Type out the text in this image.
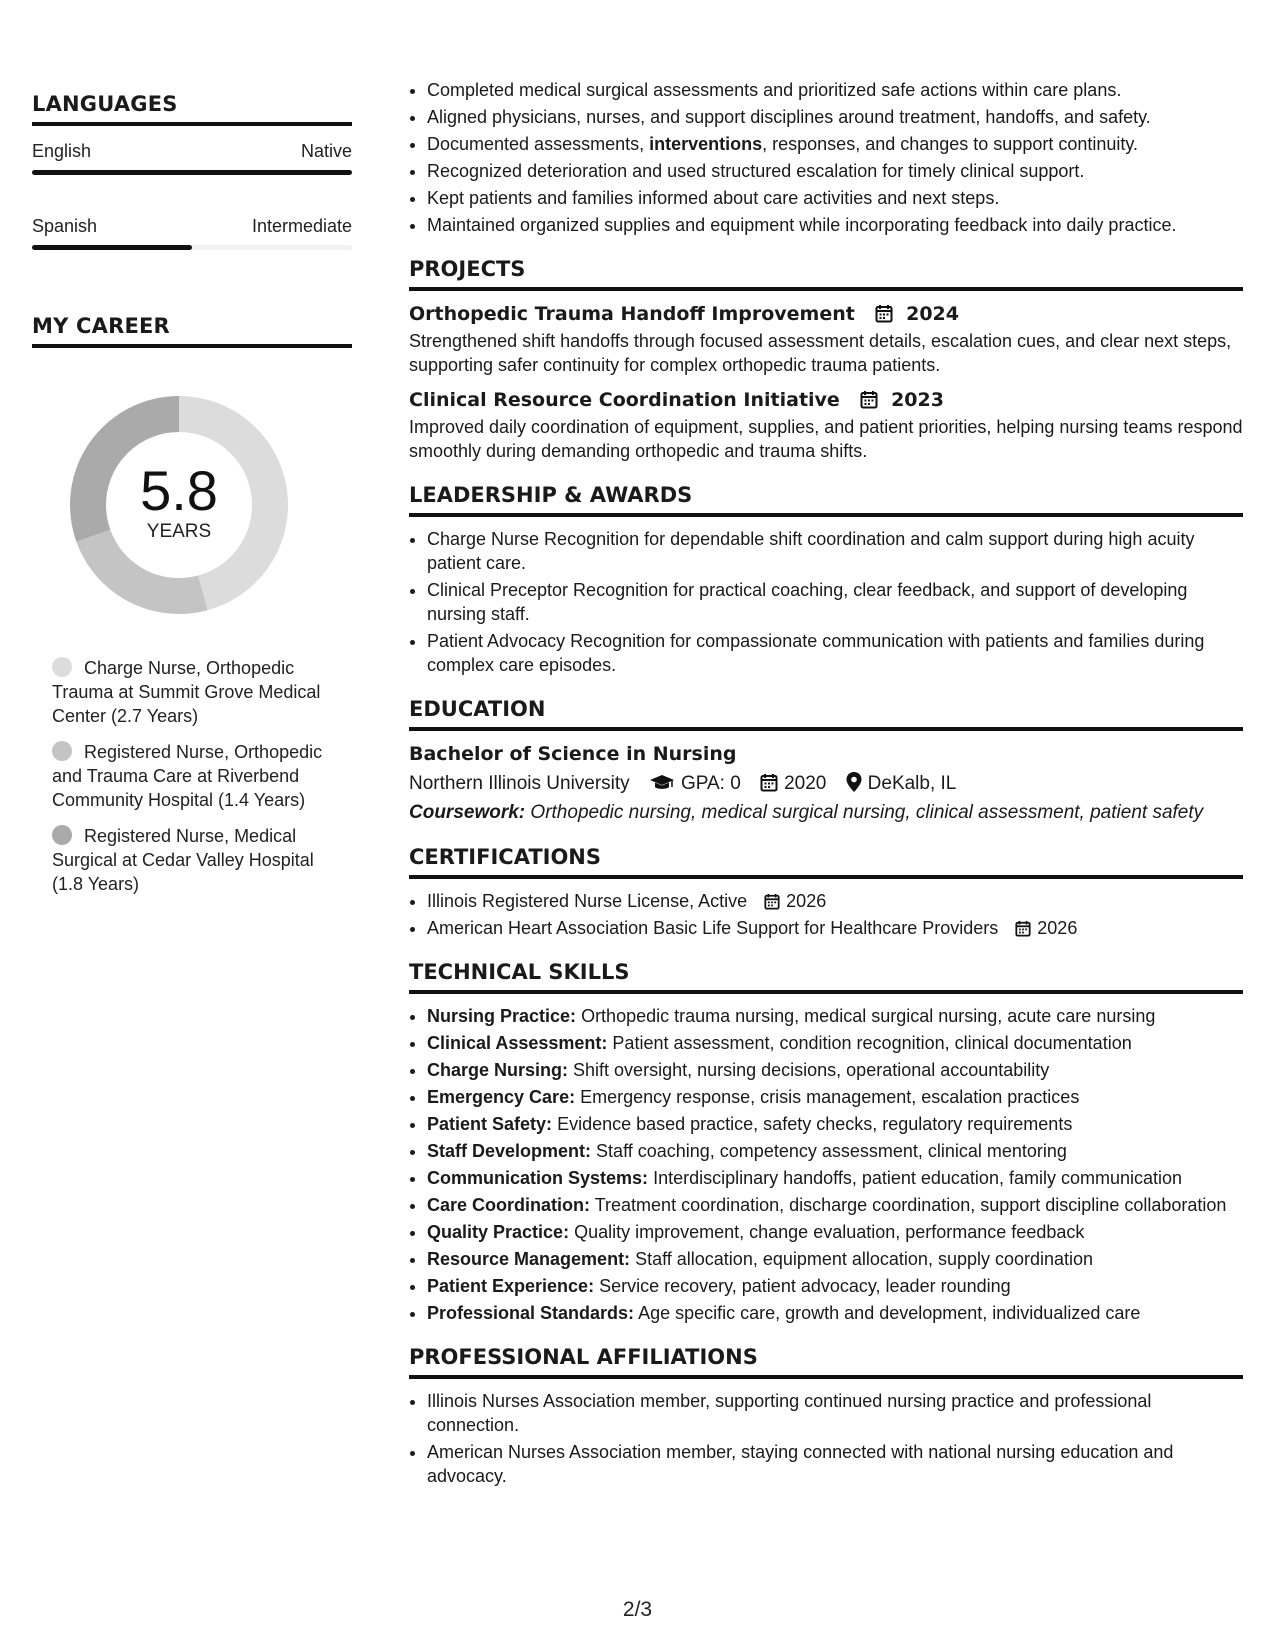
LANGUAGES
English	Native
Spanish	Intermediate
MY CAREER
5.8
YEARS
Charge Nurse, Orthopedic Trauma at Summit Grove Medical Center (2.7 Years)
Registered Nurse, Orthopedic and Trauma Care at Riverbend Community Hospital (1.4 Years)
Registered Nurse, Medical Surgical at Cedar Valley Hospital (1.8 Years)
• Completed medical surgical assessments and prioritized safe actions within care plans.
• Aligned physicians, nurses, and support disciplines around treatment, handoffs, and safety.
• Documented assessments, interventions, responses, and changes to support continuity.
• Recognized deterioration and used structured escalation for timely clinical support.
• Kept patients and families informed about care activities and next steps.
• Maintained organized supplies and equipment while incorporating feedback into daily practice.
PROJECTS
Orthopedic Trauma Handoff Improvement	2024
Strengthened shift handoffs through focused assessment details, escalation cues, and clear next steps, supporting safer continuity for complex orthopedic trauma patients.
Clinical Resource Coordination Initiative	2023
Improved daily coordination of equipment, supplies, and patient priorities, helping nursing teams respond smoothly during demanding orthopedic and trauma shifts.
LEADERSHIP & AWARDS
• Charge Nurse Recognition for dependable shift coordination and calm support during high acuity patient care.
• Clinical Preceptor Recognition for practical coaching, clear feedback, and support of developing nursing staff.
• Patient Advocacy Recognition for compassionate communication with patients and families during complex care episodes.
EDUCATION
Bachelor of Science in Nursing
Northern Illinois University	GPA: 0 2020 DeKalb, IL
Coursework: Orthopedic nursing, medical surgical nursing, clinical assessment, patient safety
CERTIFICATIONS
• Illinois Registered Nurse License, Active 2026
• American Heart Association Basic Life Support for Healthcare Providers 2026
TECHNICAL SKILLS
• Nursing Practice: Orthopedic trauma nursing, medical surgical nursing, acute care nursing
• Clinical Assessment: Patient assessment, condition recognition, clinical documentation
• Charge Nursing: Shift oversight, nursing decisions, operational accountability
• Emergency Care: Emergency response, crisis management, escalation practices
• Patient Safety: Evidence based practice, safety checks, regulatory requirements
• Staff Development: Staff coaching, competency assessment, clinical mentoring
• Communication Systems: Interdisciplinary handoffs, patient education, family communication
• Care Coordination: Treatment coordination, discharge coordination, support discipline collaboration
• Quality Practice: Quality improvement, change evaluation, performance feedback
• Resource Management: Staff allocation, equipment allocation, supply coordination
• Patient Experience: Service recovery, patient advocacy, leader rounding
• Professional Standards: Age specific care, growth and development, individualized care
PROFESSIONAL AFFILIATIONS
• Illinois Nurses Association member, supporting continued nursing practice and professional connection.
• American Nurses Association member, staying connected with national nursing education and advocacy.
2/3
